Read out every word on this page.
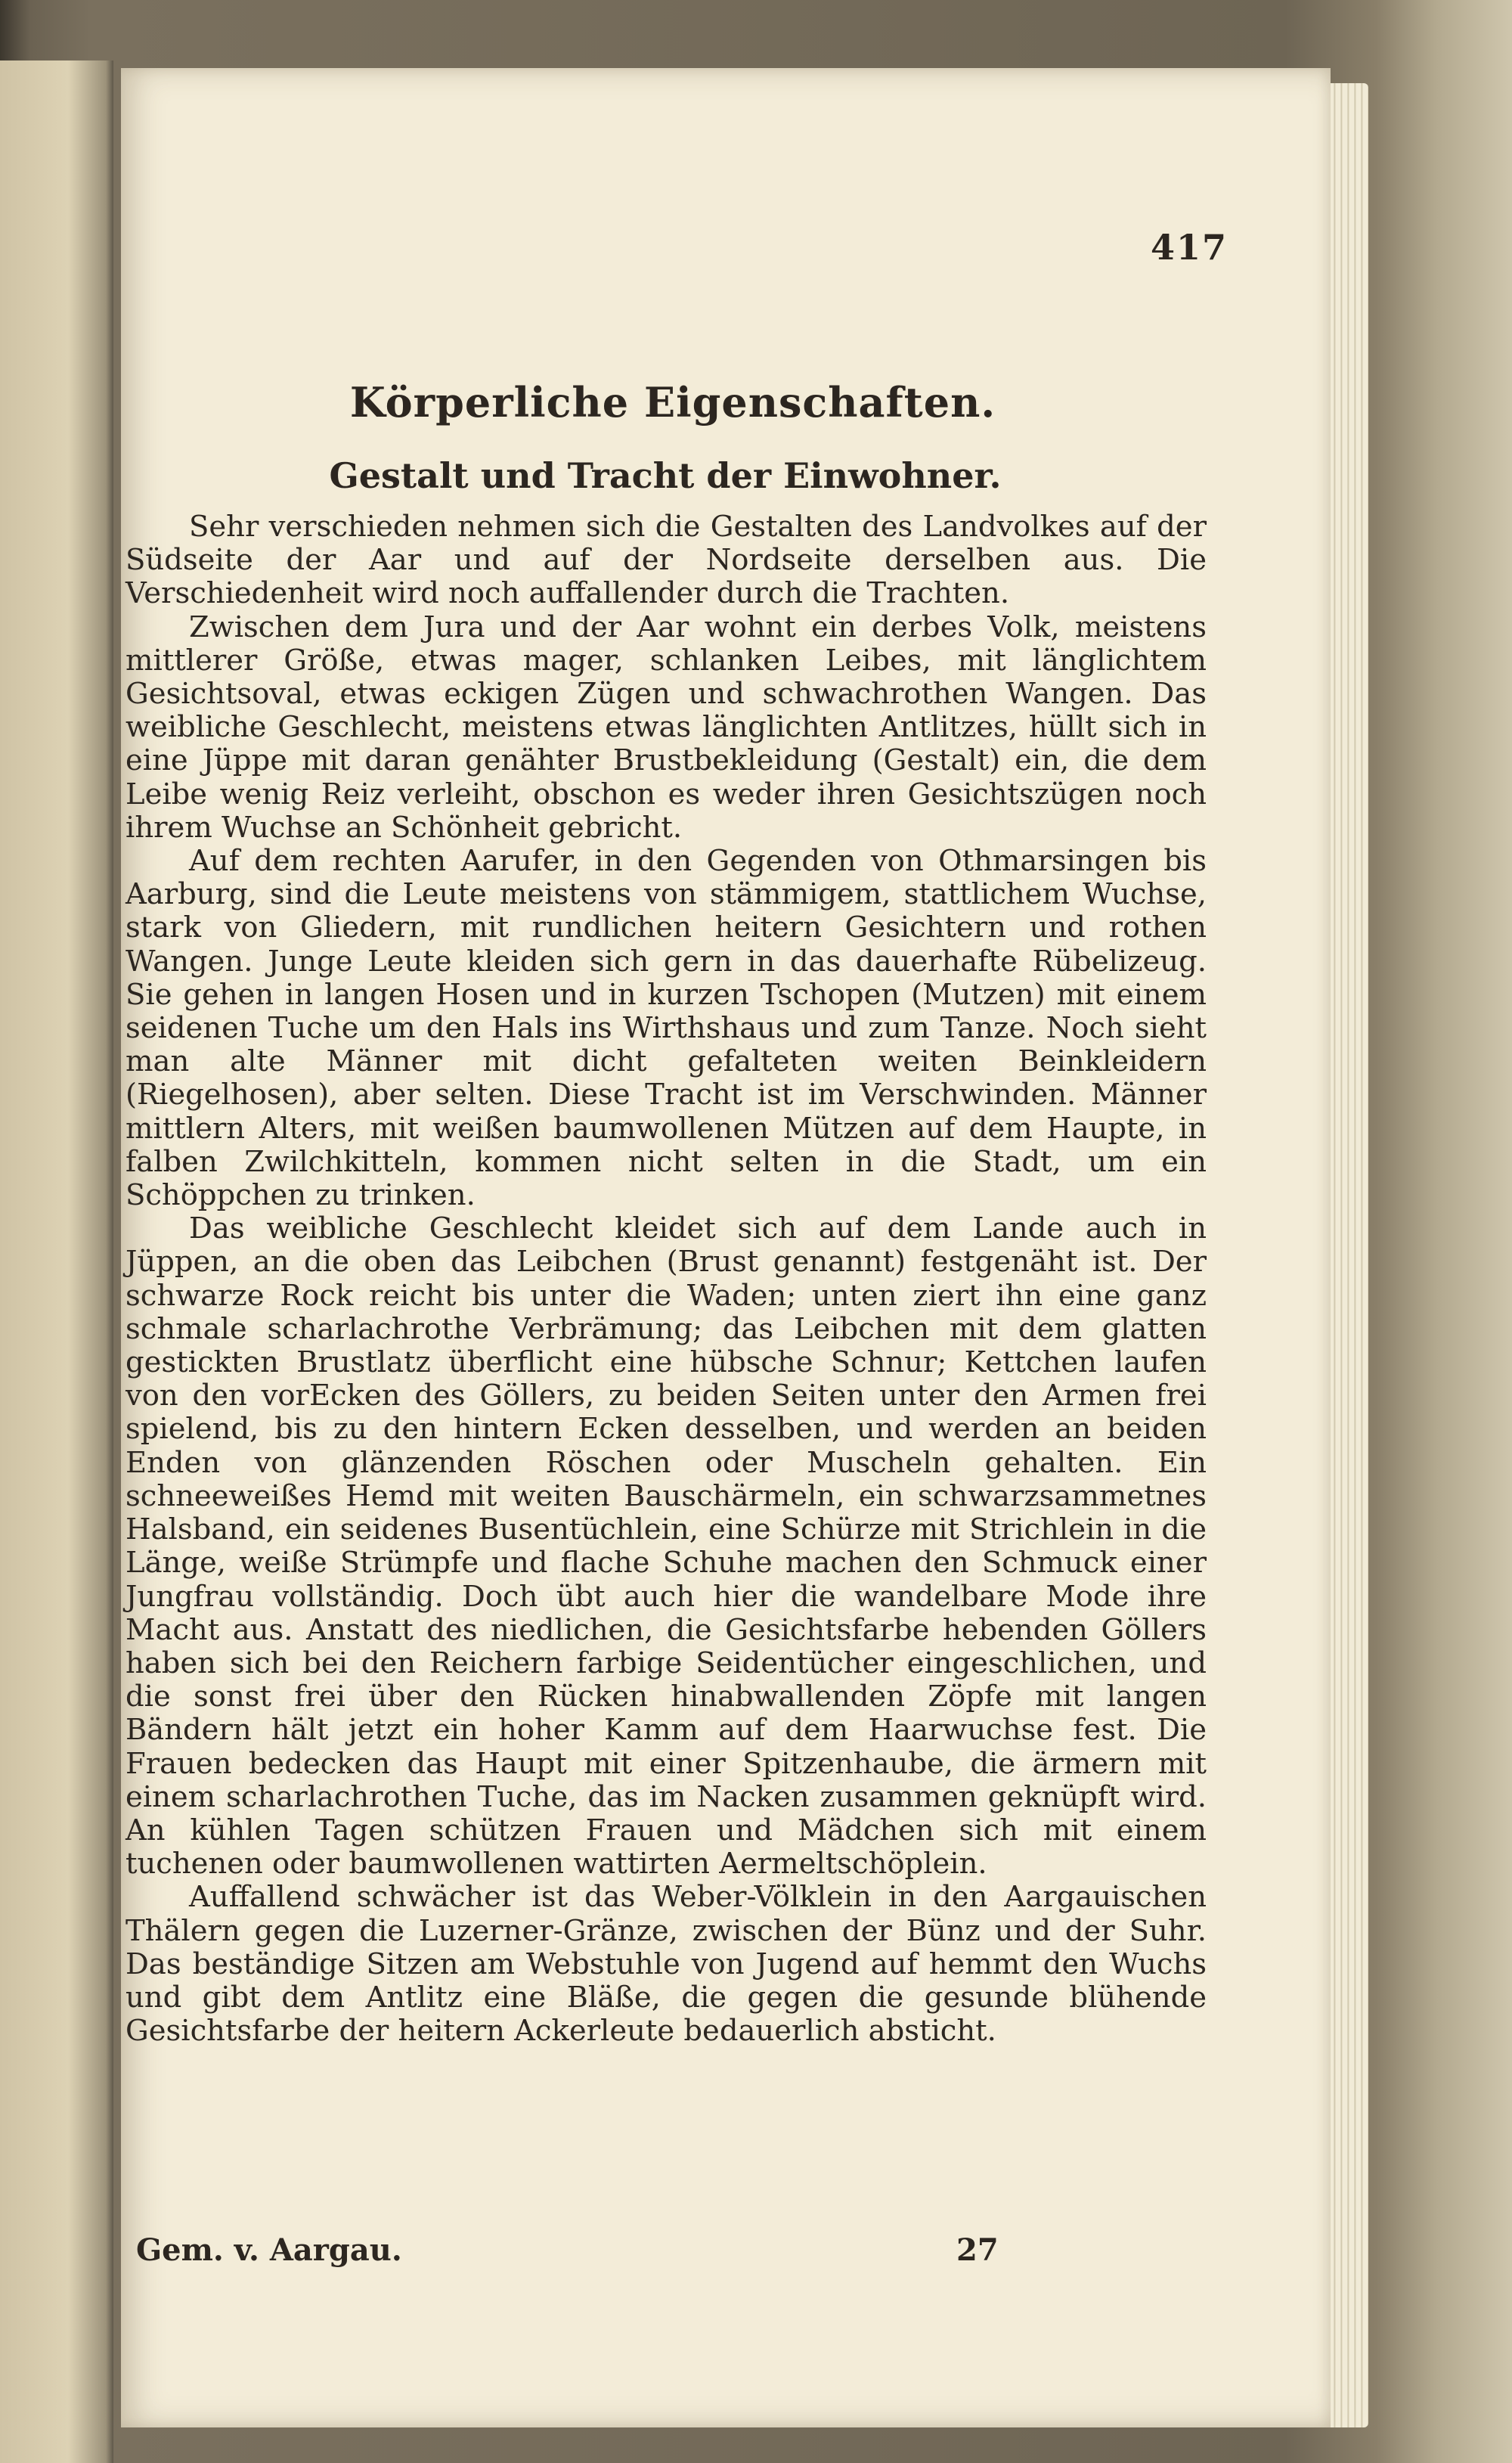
417
Körperliche Eigenschaften.
Gestalt und Tracht der Einwohner.

Sehr verschieden nehmen sich die Gestalten des Landvolkes auf der Südseite der Aar und auf der Nordseite derselben aus. Die Verschiedenheit wird noch auffallender durch die Trachten.

Zwischen dem Jura und der Aar wohnt ein derbes Volk, meistens mittlerer Größe, etwas mager, schlanken Leibes, mit länglichtem Gesichtsoval, etwas eckigen Zügen und schwachrothen Wangen. Das weibliche Geschlecht, meistens etwas länglichten Antlitzes, hüllt sich in eine Jüppe mit daran genähter Brustbekleidung (Gestalt) ein, die dem Leibe wenig Reiz verleiht, obschon es weder ihren Gesichtszügen noch ihrem Wuchse an Schönheit gebricht.

Auf dem rechten Aarufer, in den Gegenden von Othmarsingen bis Aarburg, sind die Leute meistens von stämmigem, stattlichem Wuchse, stark von Gliedern, mit rundlichen heitern Gesichtern und rothen Wangen. Junge Leute kleiden sich gern in das dauerhafte Rübelizeug. Sie gehen in langen Hosen und in kurzen Tschopen (Mutzen) mit einem seidenen Tuche um den Hals ins Wirthshaus und zum Tanze. Noch sieht man alte Männer mit dicht gefalteten weiten Beinkleidern (Riegelhosen), aber selten. Diese Tracht ist im Verschwinden. Männer mittlern Alters, mit weißen baumwollenen Mützen auf dem Haupte, in falben Zwilchkitteln, kommen nicht selten in die Stadt, um ein Schöppchen zu trinken.

Das weibliche Geschlecht kleidet sich auf dem Lande auch in Jüppen, an die oben das Leibchen (Brust genannt) festgenäht ist. Der schwarze Rock reicht bis unter die Waden; unten ziert ihn eine ganz schmale scharlachrothe Verbrämung; das Leibchen mit dem glatten gestickten Brustlatz überflicht eine hübsche Schnur; Kettchen laufen von den vorEcken des Göllers, zu beiden Seiten unter den Armen frei spielend, bis zu den hintern Ecken desselben, und werden an beiden Enden von glänzenden Röschen oder Muscheln gehalten. Ein schneeweißes Hemd mit weiten Bauschärmeln, ein schwarzsammetnes Halsband, ein seidenes Busentüchlein, eine Schürze mit Strichlein in die Länge, weiße Strümpfe und flache Schuhe machen den Schmuck einer Jungfrau vollständig. Doch übt auch hier die wandelbare Mode ihre Macht aus. Anstatt des niedlichen, die Gesichtsfarbe hebenden Göllers haben sich bei den Reichern farbige Seidentücher eingeschlichen, und die sonst frei über den Rücken hinabwallenden Zöpfe mit langen Bändern hält jetzt ein hoher Kamm auf dem Haarwuchse fest. Die Frauen bedecken das Haupt mit einer Spitzenhaube, die ärmern mit einem scharlachrothen Tuche, das im Nacken zusammen geknüpft wird. An kühlen Tagen schützen Frauen und Mädchen sich mit einem tuchenen oder baumwollenen wattirten Aermeltschöplein.

Auffallend schwächer ist das Weber-Völklein in den Aargauischen Thälern gegen die Luzerner-Gränze, zwischen der Bünz und der Suhr. Das beständige Sitzen am Webstuhle von Jugend auf hemmt den Wuchs und gibt dem Antlitz eine Bläße, die gegen die gesunde blühende Gesichtsfarbe der heitern Ackerleute bedauerlich absticht.

Gem. v. Aargau.	27
